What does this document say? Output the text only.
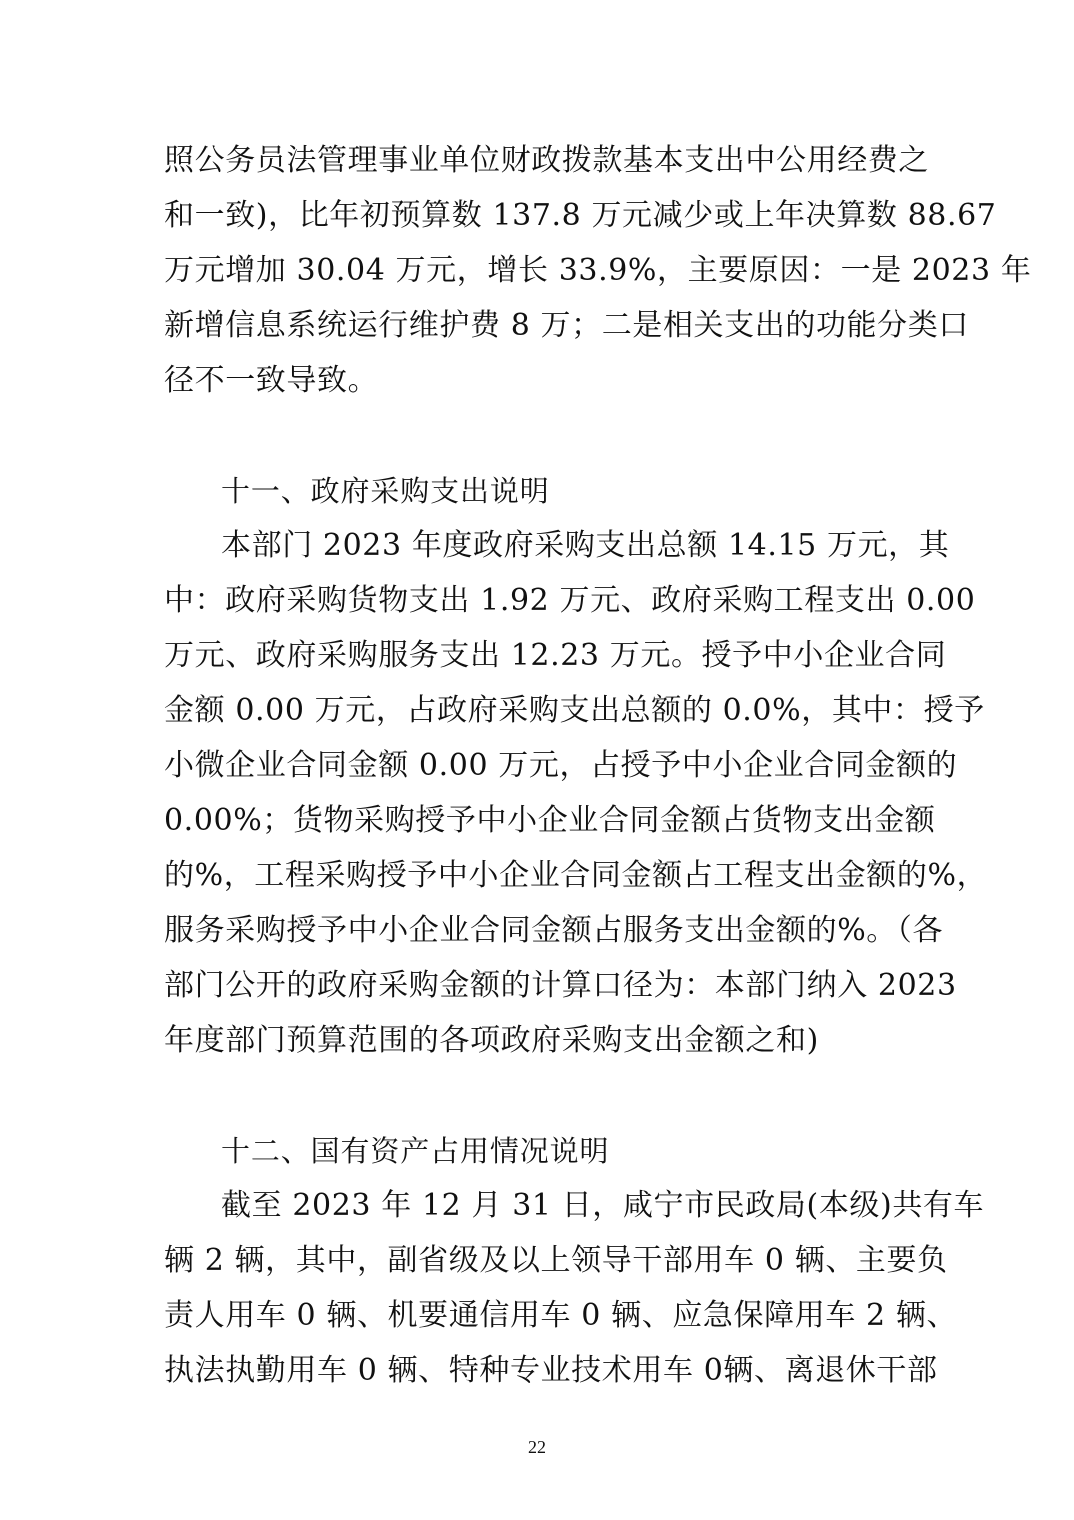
照公务员法管理事业单位财政拨款基本支出中公用经费之
和一致)，比年初预算数 137.8 万元减少或上年决算数 88.67
万元增加 30.04 万元，增长 33.9%，主要原因：一是 2023 年
新增信息系统运行维护费 8 万；二是相关支出的功能分类口
径不一致导致。
十一、政府采购支出说明
本部门 2023 年度政府采购支出总额 14.15 万元，其
中：政府采购货物支出 1.92 万元、政府采购工程支出 0.00
万元、政府采购服务支出 12.23 万元。授予中小企业合同
金额 0.00 万元，占政府采购支出总额的 0.0%，其中：授予
小微企业合同金额 0.00 万元，占授予中小企业合同金额的
0.00%；货物采购授予中小企业合同金额占货物支出金额
的%，工程采购授予中小企业合同金额占工程支出金额的%，
服务采购授予中小企业合同金额占服务支出金额的%。（各
部门公开的政府采购金额的计算口径为：本部门纳入 2023
年度部门预算范围的各项政府采购支出金额之和)
十二、国有资产占用情况说明
截至 2023 年 12 月 31 日，咸宁市民政局(本级)共有车
辆 2 辆，其中，副省级及以上领导干部用车 0 辆、主要负
责人用车 0 辆、机要通信用车 0 辆、应急保障用车 2 辆、
执法执勤用车 0 辆、特种专业技术用车 0辆、离退休干部
22
